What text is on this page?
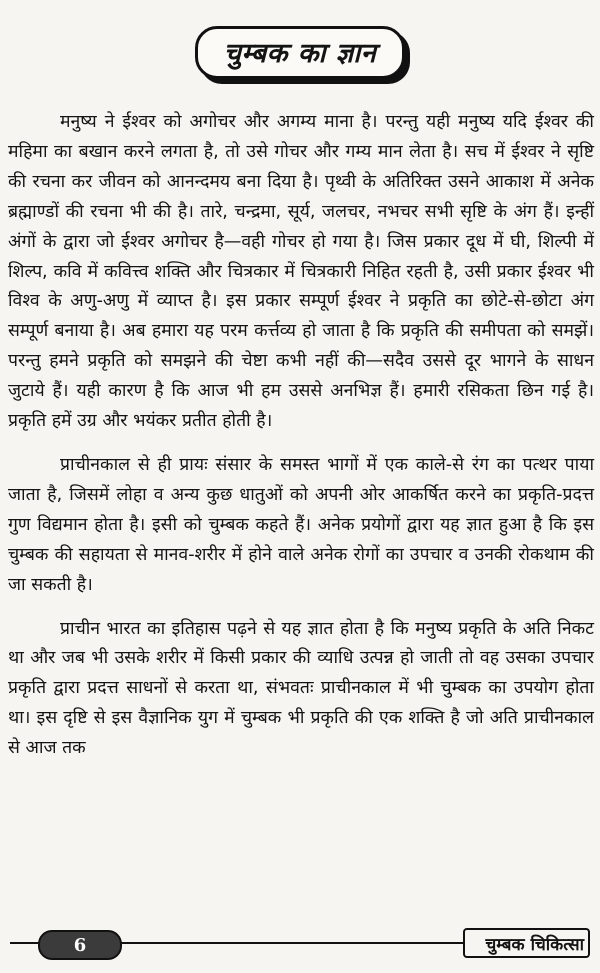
चुम्बक का ज्ञान

मनुष्य ने ईश्वर को अगोचर और अगम्य माना है। परन्तु यही मनुष्य यदि ईश्वर की महिमा का बखान करने लगता है, तो उसे गोचर और गम्य मान लेता है। सच में ईश्वर ने सृष्टि की रचना कर जीवन को आनन्दमय बना दिया है। पृथ्वी के अतिरिक्त उसने आकाश में अनेक ब्रह्माण्डों की रचना भी की है। तारे, चन्द्रमा, सूर्य, जलचर, नभचर सभी सृष्टि के अंग हैं। इन्हीं अंगों के द्वारा जो ईश्वर अगोचर है—वही गोचर हो गया है। जिस प्रकार दूध में घी, शिल्पी में शिल्प, कवि में कवित्त्व शक्ति और चित्रकार में चित्रकारी निहित रहती है, उसी प्रकार ईश्वर भी विश्व के अणु-अणु में व्याप्त है। इस प्रकार सम्पूर्ण ईश्वर ने प्रकृति का छोटे-से-छोटा अंग सम्पूर्ण बनाया है। अब हमारा यह परम कर्त्तव्य हो जाता है कि प्रकृति की समीपता को समझें। परन्तु हमने प्रकृति को समझने की चेष्टा कभी नहीं की—सदैव उससे दूर भागने के साधन जुटाये हैं। यही कारण है कि आज भी हम उससे अनभिज्ञ हैं। हमारी रसिकता छिन गई है। प्रकृति हमें उग्र और भयंकर प्रतीत होती है।

प्राचीनकाल से ही प्रायः संसार के समस्त भागों में एक काले-से रंग का पत्थर पाया जाता है, जिसमें लोहा व अन्य कुछ धातुओं को अपनी ओर आकर्षित करने का प्रकृति-प्रदत्त गुण विद्यमान होता है। इसी को चुम्बक कहते हैं। अनेक प्रयोगों द्वारा यह ज्ञात हुआ है कि इस चुम्बक की सहायता से मानव-शरीर में होने वाले अनेक रोगों का उपचार व उनकी रोकथाम की जा सकती है।

प्राचीन भारत का इतिहास पढ़ने से यह ज्ञात होता है कि मनुष्य प्रकृति के अति निकट था और जब भी उसके शरीर में किसी प्रकार की व्याधि उत्पन्न हो जाती तो वह उसका उपचार प्रकृति द्वारा प्रदत्त साधनों से करता था, संभवतः प्राचीनकाल में भी चुम्बक का उपयोग होता था। इस दृष्टि से इस वैज्ञानिक युग में चुम्बक भी प्रकृति की एक शक्ति है जो अति प्राचीनकाल से आज तक

6	चुम्बक चिकित्सा
